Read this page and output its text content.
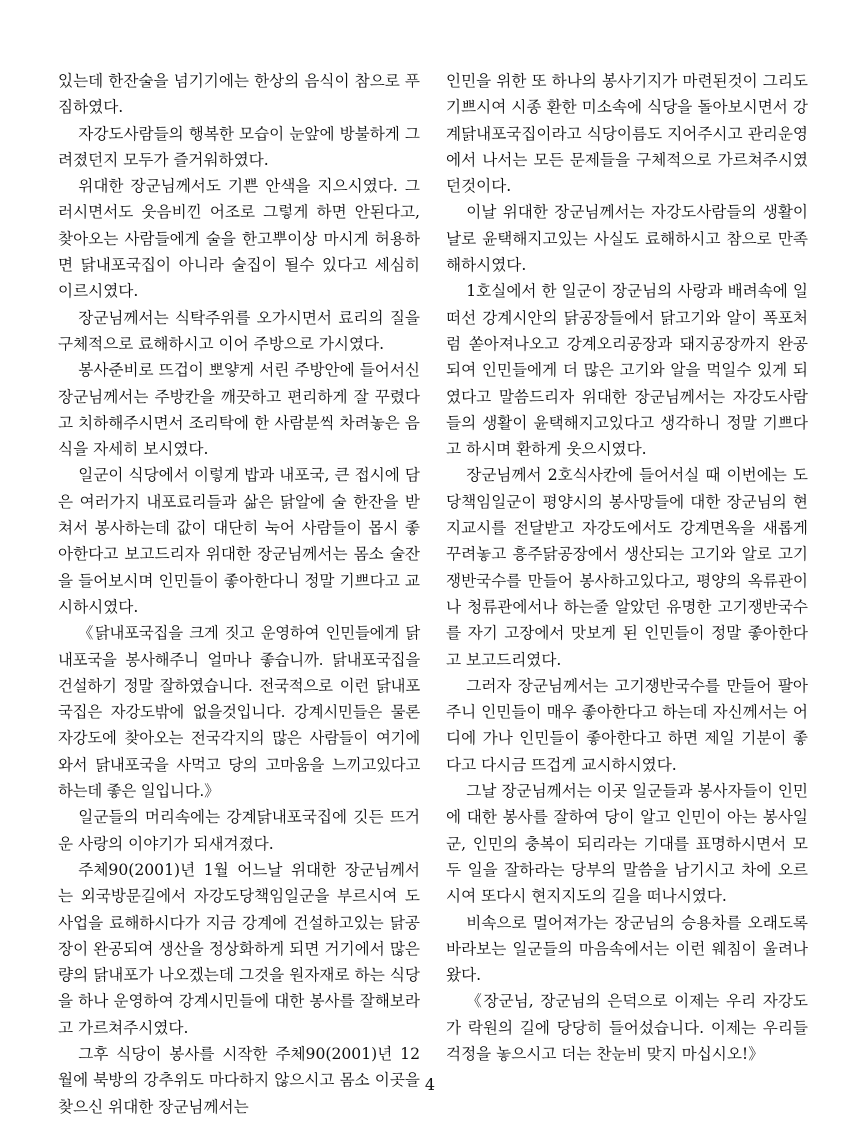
있는데 한잔술을 넘기기에는 한상의 음식이 참으로 푸짐하였다.

자강도사람들의 행복한 모습이 눈앞에 방불하게 그려졌던지 모두가 즐거워하였다.

위대한 장군님께서도 기쁜 안색을 지으시였다. 그러시면서도 웃음비낀 어조로 그렇게 하면 안된다고, 찾아오는 사람들에게 술을 한고뿌이상 마시게 허용하면 닭내포국집이 아니라 술집이 될수 있다고 세심히 이르시였다.

장군님께서는 식탁주위를 오가시면서 료리의 질을 구체적으로 료해하시고 이어 주방으로 가시였다.

봉사준비로 뜨겁이 뽀얗게 서린 주방안에 들어서신 장군님께서는 주방칸을 깨끗하고 편리하게 잘 꾸렸다고 치하해주시면서 조리탁에 한 사람분씩 차려놓은 음식을 자세히 보시였다.

일군이 식당에서 이렇게 밥과 내포국, 큰 접시에 담은 여러가지 내포료리들과 삶은 닭알에 술 한잔을 받쳐서 봉사하는데 값이 대단히 눅어 사람들이 몹시 좋아한다고 보고드리자 위대한 장군님께서는 몸소 술잔을 들어보시며 인민들이 좋아한다니 정말 기쁘다고 교시하시였다.

《닭내포국집을 크게 짓고 운영하여 인민들에게 닭내포국을 봉사해주니 얼마나 좋습니까. 닭내포국집을 건설하기 정말 잘하였습니다. 전국적으로 이런 닭내포국집은 자강도밖에 없을것입니다. 강계시민들은 물론 자강도에 찾아오는 전국각지의 많은 사람들이 여기에 와서 닭내포국을 사먹고 당의 고마움을 느끼고있다고 하는데 좋은 일입니다.》

일군들의 머리속에는 강계닭내포국집에 깃든 뜨거운 사랑의 이야기가 되새겨졌다.

주체90(2001)년 1월 어느날 위대한 장군님께서는 외국방문길에서 자강도당책임일군을 부르시여 도사업을 료해하시다가 지금 강계에 건설하고있는 닭공장이 완공되여 생산을 정상화하게 되면 거기에서 많은 량의 닭내포가 나오겠는데 그것을 원자재로 하는 식당을 하나 운영하여 강계시민들에 대한 봉사를 잘해보라고 가르쳐주시였다.

그후 식당이 봉사를 시작한 주체90(2001)년 12월에 북방의 강추위도 마다하지 않으시고 몸소 이곳을 찾으신 위대한 장군님께서는

인민을 위한 또 하나의 봉사기지가 마련된것이 그리도 기쁘시여 시종 환한 미소속에 식당을 돌아보시면서 강계닭내포국집이라고 식당이름도 지어주시고 관리운영에서 나서는 모든 문제들을 구체적으로 가르쳐주시였던것이다.

이날 위대한 장군님께서는 자강도사람들의 생활이 날로 윤택해지고있는 사실도 료해하시고 참으로 만족해하시였다.

1호실에서 한 일군이 장군님의 사랑과 배려속에 일떠선 강계시안의 닭공장들에서 닭고기와 알이 폭포처럼 쏟아져나오고 강계오리공장과 돼지공장까지 완공되여 인민들에게 더 많은 고기와 알을 먹일수 있게 되였다고 말씀드리자 위대한 장군님께서는 자강도사람들의 생활이 윤택해지고있다고 생각하니 정말 기쁘다고 하시며 환하게 웃으시였다.

장군님께서 2호식사칸에 들어서실 때 이번에는 도당책임일군이 평양시의 봉사망들에 대한 장군님의 현지교시를 전달받고 자강도에서도 강계면옥을 새롭게 꾸려놓고 흥주닭공장에서 생산되는 고기와 알로 고기쟁반국수를 만들어 봉사하고있다고, 평양의 옥류관이나 청류관에서나 하는줄 알았던 유명한 고기쟁반국수를 자기 고장에서 맛보게 된 인민들이 정말 좋아한다고 보고드리였다.

그러자 장군님께서는 고기쟁반국수를 만들어 팔아주니 인민들이 매우 좋아한다고 하는데 자신께서는 어디에 가나 인민들이 좋아한다고 하면 제일 기분이 좋다고 다시금 뜨겁게 교시하시였다.

그날 장군님께서는 이곳 일군들과 봉사자들이 인민에 대한 봉사를 잘하여 당이 알고 인민이 아는 봉사일군, 인민의 충복이 되리라는 기대를 표명하시면서 모두 일을 잘하라는 당부의 말씀을 남기시고 차에 오르시여 또다시 현지지도의 길을 떠나시였다.

비속으로 멀어져가는 장군님의 승용차를 오래도록 바라보는 일군들의 마음속에서는 이런 웨침이 울려나왔다.

《장군님, 장군님의 은덕으로 이제는 우리 자강도가 락원의 길에 당당히 들어섰습니다. 이제는 우리들걱정을 놓으시고 더는 찬눈비 맞지 마십시오!》

4
